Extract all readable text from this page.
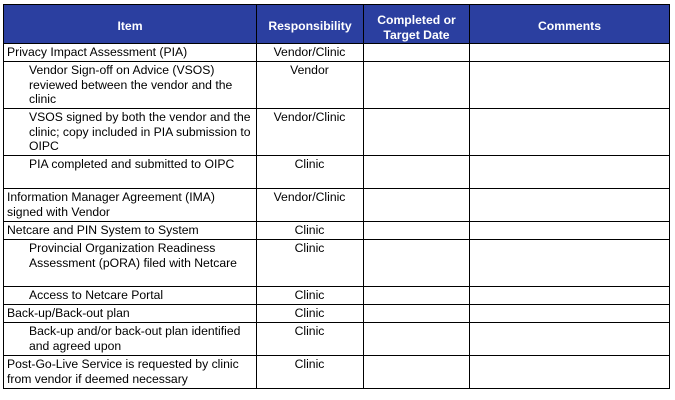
Item	Responsibility	Completed or Target Date	Comments
Privacy Impact Assessment (PIA)	Vendor/Clinic		
Vendor Sign-off on Advice (VSOS) reviewed between the vendor and the clinic	Vendor		
VSOS signed by both the vendor and the clinic; copy included in PIA submission to OIPC	Vendor/Clinic		
PIA completed and submitted to OIPC	Clinic		
Information Manager Agreement (IMA) signed with Vendor	Vendor/Clinic		
Netcare and PIN System to System	Clinic		
Provincial Organization Readiness Assessment (pORA) filed with Netcare	Clinic		
Access to Netcare Portal	Clinic		
Back-up/Back-out plan	Clinic		
Back-up and/or back-out plan identified and agreed upon	Clinic		
Post-Go-Live Service is requested by clinic from vendor if deemed necessary	Clinic		
